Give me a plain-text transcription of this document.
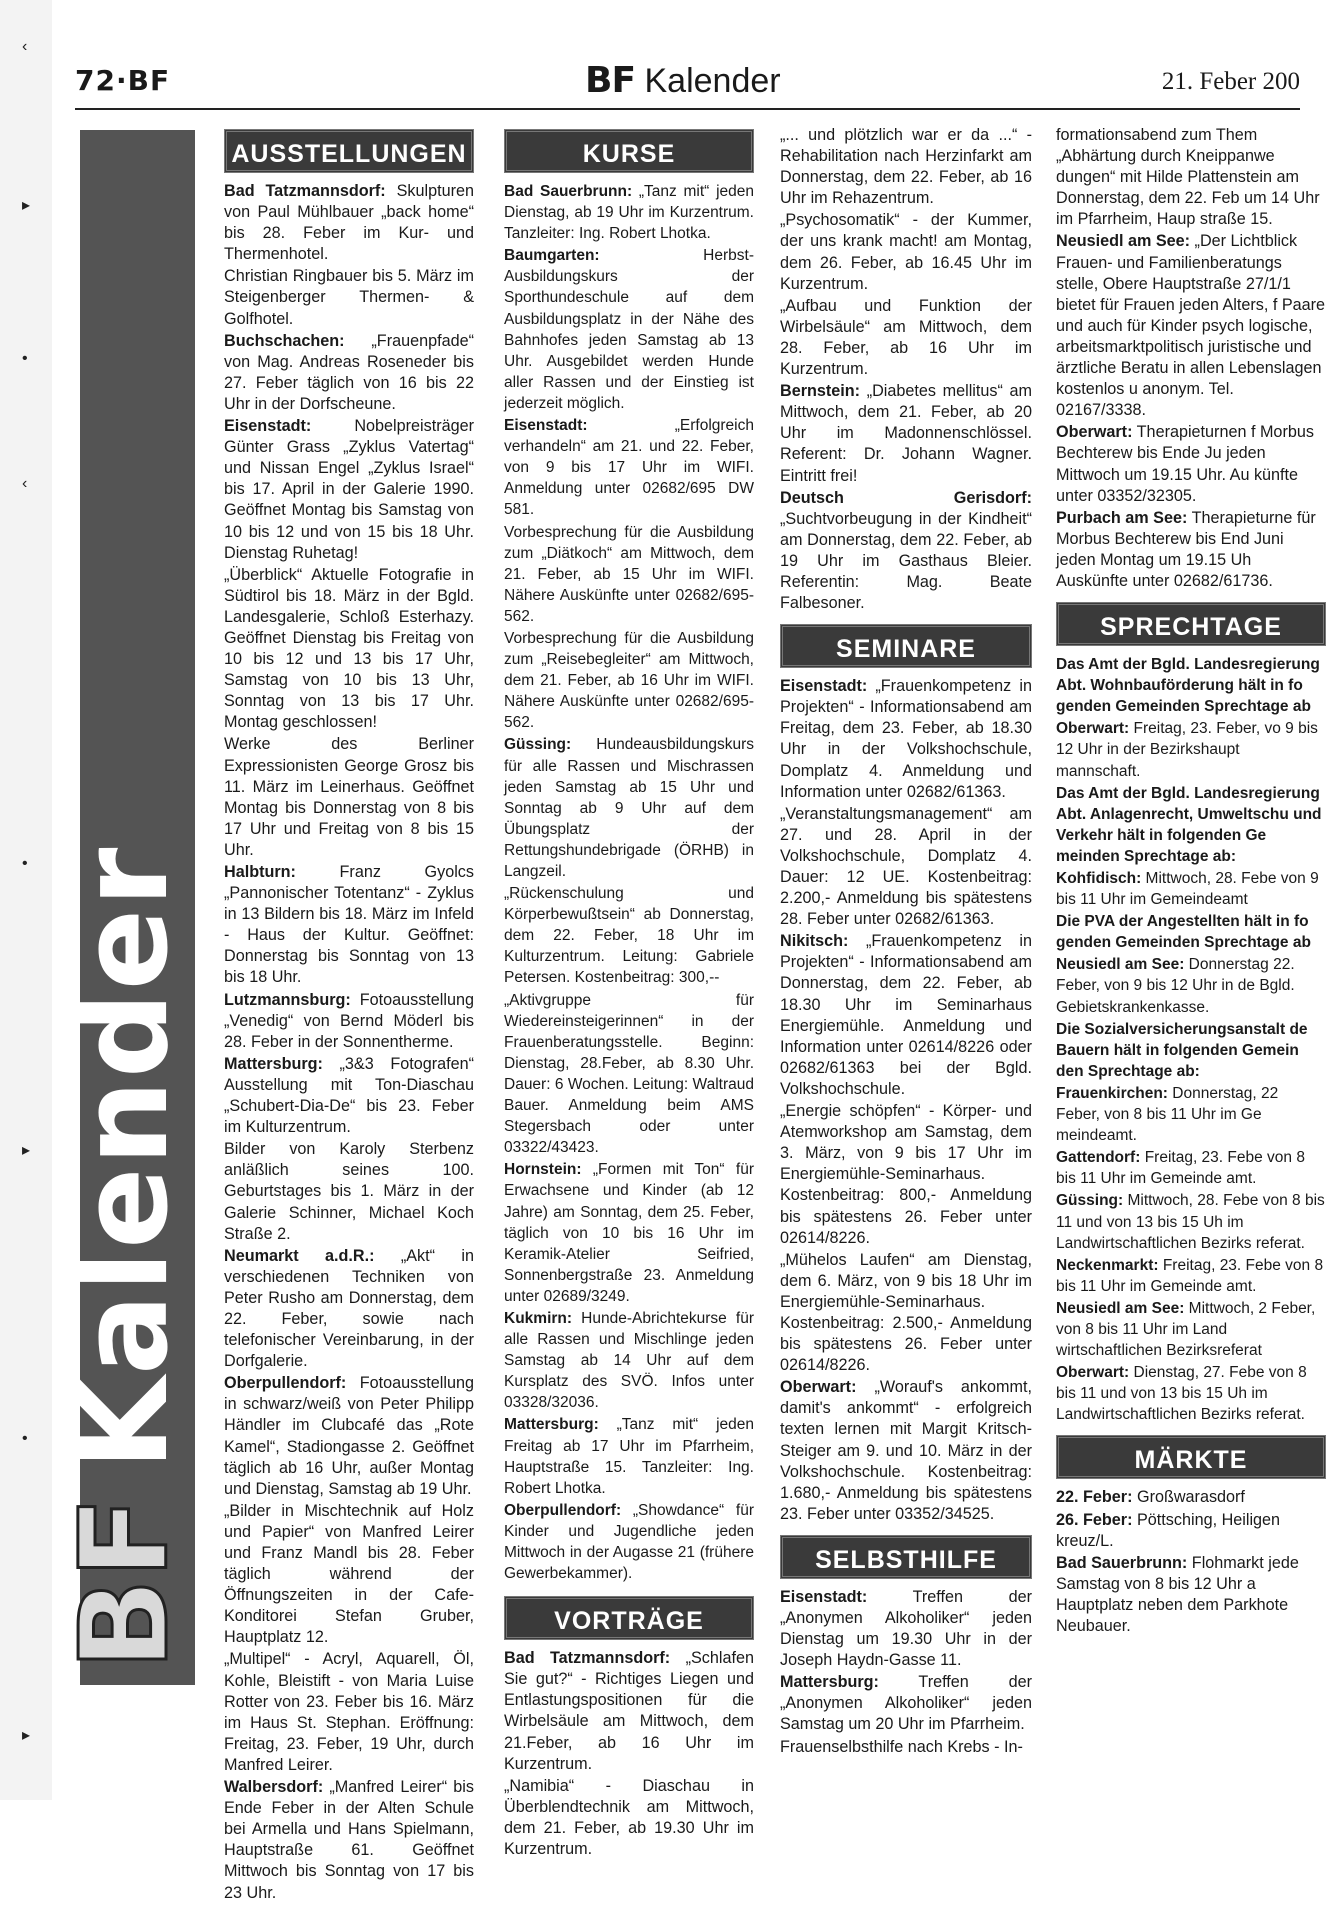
‹
▸
•
‹
•
▸
•
▸
72·BF	BF Kalender	21. Feber 200
BF
Kalender
AUSSTELLUNGEN

Bad Tatzmannsdorf: Skulpturen von Paul Mühlbauer „back home“ bis 28. Feber im Kur- und Thermenhotel.

Christian Ringbauer bis 5. März im Steigenberger Thermen- & Golfhotel.

Buchschachen: „Frauenpfade“ von Mag. Andreas Roseneder bis 27. Feber täglich von 16 bis 22 Uhr in der Dorfscheune.

Eisenstadt: Nobelpreisträger Günter Grass „Zyklus Vatertag“ und Nissan Engel „Zyklus Israel“ bis 17. April in der Galerie 1990. Geöffnet Montag bis Samstag von 10 bis 12 und von 15 bis 18 Uhr. Dienstag Ruhetag!

„Überblick“ Aktuelle Fotografie in Südtirol bis 18. März in der Bgld. Landesgalerie, Schloß Esterhazy. Geöffnet Dienstag bis Freitag von 10 bis 12 und 13 bis 17 Uhr, Samstag von 10 bis 13 Uhr, Sonntag von 13 bis 17 Uhr. Montag geschlossen!

Werke des Berliner Expressionisten George Grosz bis 11. März im Leinerhaus. Geöffnet Montag bis Donnerstag von 8 bis 17 Uhr und Freitag von 8 bis 15 Uhr.

Halbturn: Franz Gyolcs „Pannonischer Totentanz“ - Zyklus in 13 Bildern bis 18. März im Infeld - Haus der Kultur. Geöffnet: Donnerstag bis Sonntag von 13 bis 18 Uhr.

Lutzmannsburg: Fotoausstellung „Venedig“ von Bernd Möderl bis 28. Feber in der Sonnentherme.

Mattersburg: „3&3 Fotografen“ Ausstellung mit Ton-Diaschau „Schubert-Dia-De“ bis 23. Feber im Kulturzentrum.

Bilder von Karoly Sterbenz anläßlich seines 100. Geburtstages bis 1. März in der Galerie Schinner, Michael Koch Straße 2.

Neumarkt a.d.R.: „Akt“ in verschiedenen Techniken von Peter Rusho am Donnerstag, dem 22. Feber, sowie nach telefonischer Vereinbarung, in der Dorfgalerie.

Oberpullendorf: Fotoausstellung in schwarz/weiß von Peter Philipp Händler im Clubcafé das „Rote Kamel“, Stadiongasse 2. Geöffnet täglich ab 16 Uhr, außer Montag und Dienstag, Samstag ab 19 Uhr.

„Bilder in Mischtechnik auf Holz und Papier“ von Manfred Leirer und Franz Mandl bis 28. Feber täglich während der Öffnungszeiten in der Cafe-Konditorei Stefan Gruber, Hauptplatz 12.

„Multipel“ - Acryl, Aquarell, Öl, Kohle, Bleistift - von Maria Luise Rotter von 23. Feber bis 16. März im Haus St. Stephan. Eröffnung: Freitag, 23. Feber, 19 Uhr, durch Manfred Leirer.

Walbersdorf: „Manfred Leirer“ bis Ende Feber in der Alten Schule bei Armella und Hans Spielmann, Hauptstraße 61. Geöffnet Mittwoch bis Sonntag von 17 bis 23 Uhr.

KURSE

Bad Sauerbrunn: „Tanz mit“ jeden Dienstag, ab 19 Uhr im Kurzentrum. Tanzleiter: Ing. Robert Lhotka.

Baumgarten: Herbst-Ausbildungskurs der Sporthundeschule auf dem Ausbildungsplatz in der Nähe des Bahnhofes jeden Samstag ab 13 Uhr. Ausgebildet werden Hunde aller Rassen und der Einstieg ist jederzeit möglich.

Eisenstadt: „Erfolgreich verhandeln“ am 21. und 22. Feber, von 9 bis 17 Uhr im WIFI. Anmeldung unter 02682/695 DW 581.

Vorbesprechung für die Ausbildung zum „Diätkoch“ am Mittwoch, dem 21. Feber, ab 15 Uhr im WIFI. Nähere Auskünfte unter 02682/695-562.

Vorbesprechung für die Ausbildung zum „Reisebegleiter“ am Mittwoch, dem 21. Feber, ab 16 Uhr im WIFI. Nähere Auskünfte unter 02682/695-562.

Güssing: Hundeausbildungskurs für alle Rassen und Mischrassen jeden Samstag ab 15 Uhr und Sonntag ab 9 Uhr auf dem Übungsplatz der Rettungshundebrigade (ÖRHB) in Langzeil.

„Rückenschulung und Körperbewußtsein“ ab Donnerstag, dem 22. Feber, 18 Uhr im Kulturzentrum. Leitung: Gabriele Petersen. Kostenbeitrag: 300,--

„Aktivgruppe für Wiedereinsteigerinnen“ in der Frauenberatungsstelle. Beginn: Dienstag, 28.Feber, ab 8.30 Uhr. Dauer: 6 Wochen. Leitung: Waltraud Bauer. Anmeldung beim AMS Stegersbach oder unter 03322/43423.

Hornstein: „Formen mit Ton“ für Erwachsene und Kinder (ab 12 Jahre) am Sonntag, dem 25. Feber, täglich von 10 bis 16 Uhr im Keramik-Atelier Seifried, Sonnenbergstraße 23. Anmeldung unter 02689/3249.

Kukmirn: Hunde-Abrichtekurse für alle Rassen und Mischlinge jeden Samstag ab 14 Uhr auf dem Kursplatz des SVÖ. Infos unter 03328/32036.

Mattersburg: „Tanz mit“ jeden Freitag ab 17 Uhr im Pfarrheim, Hauptstraße 15. Tanzleiter: Ing. Robert Lhotka.

Oberpullendorf: „Showdance“ für Kinder und Jugendliche jeden Mittwoch in der Augasse 21 (frühere Gewerbekammer).

VORTRÄGE

Bad Tatzmannsdorf: „Schlafen Sie gut?“ - Richtiges Liegen und Entlastungspositionen für die Wirbelsäule am Mittwoch, dem 21.Feber, ab 16 Uhr im Kurzentrum.

„Namibia“ - Diaschau in Überblendtechnik am Mittwoch, dem 21. Feber, ab 19.30 Uhr im Kurzentrum.

„... und plötzlich war er da ...“ - Rehabilitation nach Herzinfarkt am Donnerstag, dem 22. Feber, ab 16 Uhr im Rehazentrum.

„Psychosomatik“ - der Kummer, der uns krank macht! am Montag, dem 26. Feber, ab 16.45 Uhr im Kurzentrum.

„Aufbau und Funktion der Wirbelsäule“ am Mittwoch, dem 28. Feber, ab 16 Uhr im Kurzentrum.

Bernstein: „Diabetes mellitus“ am Mittwoch, dem 21. Feber, ab 20 Uhr im Madonnenschlössel. Referent: Dr. Johann Wagner. Eintritt frei!

Deutsch Gerisdorf: „Suchtvorbeugung in der Kindheit“ am Donnerstag, dem 22. Feber, ab 19 Uhr im Gasthaus Bleier. Referentin: Mag. Beate Falbesoner.

SEMINARE

Eisenstadt: „Frauenkompetenz in Projekten“ - Informationsabend am Freitag, dem 23. Feber, ab 18.30 Uhr in der Volkshochschule, Domplatz 4. Anmeldung und Information unter 02682/61363.

„Veranstaltungsmanagement“ am 27. und 28. April in der Volkshochschule, Domplatz 4. Dauer: 12 UE. Kostenbeitrag: 2.200,- Anmeldung bis spätestens 28. Feber unter 02682/61363.

Nikitsch: „Frauenkompetenz in Projekten“ - Informationsabend am Donnerstag, dem 22. Feber, ab 18.30 Uhr im Seminarhaus Energiemühle. Anmeldung und Information unter 02614/8226 oder 02682/61363 bei der Bgld. Volkshochschule.

„Energie schöpfen“ - Körper- und Atemworkshop am Samstag, dem 3. März, von 9 bis 17 Uhr im Energiemühle-Seminarhaus. Kostenbeitrag: 800,- Anmeldung bis spätestens 26. Feber unter 02614/8226.

„Mühelos Laufen“ am Dienstag, dem 6. März, von 9 bis 18 Uhr im Energiemühle-Seminarhaus. Kostenbeitrag: 2.500,- Anmeldung bis spätestens 26. Feber unter 02614/8226.

Oberwart: „Worauf's ankommt, damit's ankommt“ - erfolgreich texten lernen mit Margit Kritsch-Steiger am 9. und 10. März in der Volkshochschule. Kostenbeitrag: 1.680,- Anmeldung bis spätestens 23. Feber unter 03352/34525.

SELBSTHILFE

Eisenstadt: Treffen der „Anonymen Alkoholiker“ jeden Dienstag um 19.30 Uhr in der Joseph Haydn-Gasse 11.

Mattersburg: Treffen der „Anonymen Alkoholiker“ jeden Samstag um 20 Uhr im Pfarrheim.

Frauenselbsthilfe nach Krebs - In-

formationsabend zum Them „Abhärtung durch Kneippanwe dungen“ mit Hilde Plattenstein am Donnerstag, dem 22. Feb um 14 Uhr im Pfarrheim, Haup straße 15.

Neusiedl am See: „Der Lichtblick Frauen- und Familienberatungs stelle, Obere Hauptstraße 27/1/1 bietet für Frauen jeden Alters, f Paare und auch für Kinder psych logische, arbeitsmarktpolitisch juristische und ärztliche Beratu in allen Lebenslagen kostenlos u anonym. Tel. 02167/3338.

Oberwart: Therapieturnen f Morbus Bechterew bis Ende Ju jeden Mittwoch um 19.15 Uhr. Au künfte unter 03352/32305.

Purbach am See: Therapieturne für Morbus Bechterew bis End Juni jeden Montag um 19.15 Uh Auskünfte unter 02682/61736.

SPRECHTAGE

Das Amt der Bgld. Landesregierung Abt. Wohnbauförderung hält in fo genden Gemeinden Sprechtage ab

Oberwart: Freitag, 23. Feber, vo 9 bis 12 Uhr in der Bezirkshaupt mannschaft.

Das Amt der Bgld. Landesregierung Abt. Anlagenrecht, Umweltschu und Verkehr hält in folgenden Ge meinden Sprechtage ab:

Kohfidisch: Mittwoch, 28. Febe von 9 bis 11 Uhr im Gemeindeamt

Die PVA der Angestellten hält in fo genden Gemeinden Sprechtage ab

Neusiedl am See: Donnerstag 22. Feber, von 9 bis 12 Uhr in de Bgld. Gebietskrankenkasse.

Die Sozialversicherungsanstalt de Bauern hält in folgenden Gemein den Sprechtage ab:

Frauenkirchen: Donnerstag, 22 Feber, von 8 bis 11 Uhr im Ge meindeamt.

Gattendorf: Freitag, 23. Febe von 8 bis 11 Uhr im Gemeinde amt.

Güssing: Mittwoch, 28. Febe von 8 bis 11 und von 13 bis 15 Uh im Landwirtschaftlichen Bezirks referat.

Neckenmarkt: Freitag, 23. Febe von 8 bis 11 Uhr im Gemeinde amt.

Neusiedl am See: Mittwoch, 2 Feber, von 8 bis 11 Uhr im Land wirtschaftlichen Bezirksreferat

Oberwart: Dienstag, 27. Febe von 8 bis 11 und von 13 bis 15 Uh im Landwirtschaftlichen Bezirks referat.

MÄRKTE

22. Feber: Großwarasdorf

26. Feber: Pöttsching, Heiligen kreuz/L.

Bad Sauerbrunn: Flohmarkt jede Samstag von 8 bis 12 Uhr a Hauptplatz neben dem Parkhote Neubauer.
